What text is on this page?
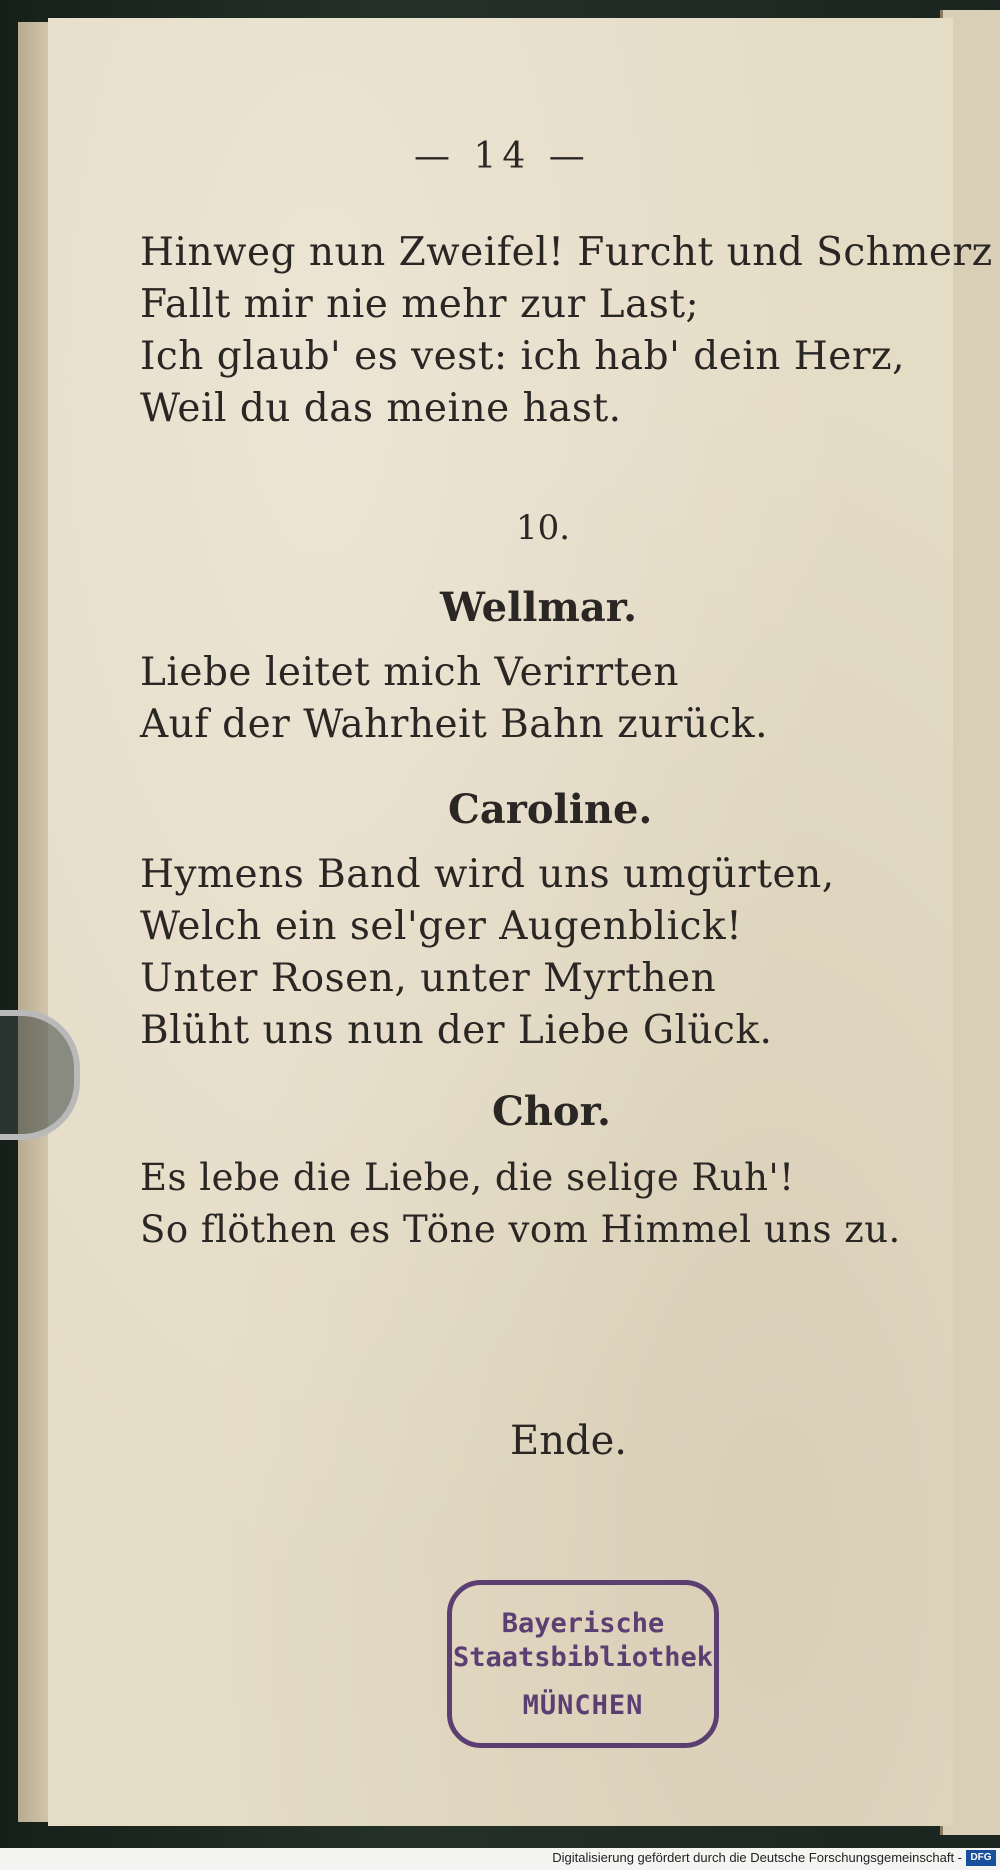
— 14 —
Hinweg nun Zweifel! Furcht und Schmerz
Fallt mir nie mehr zur Last;
Ich glaub' es vest: ich hab' dein Herz,
Weil du das meine hast.
10.
Wellmar.
Liebe leitet mich Verirrten
Auf der Wahrheit Bahn zurück.
Caroline.
Hymens Band wird uns umgürten,
Welch ein sel'ger Augenblick!
Unter Rosen, unter Myrthen
Blüht uns nun der Liebe Glück.
Chor.
Es lebe die Liebe, die selige Ruh'!
So flöthen es Töne vom Himmel uns zu.
Ende.
Bayerische
Staatsbibliothek
MÜNCHEN
Digitalisierung gefördert durch die Deutsche Forschungsgemeinschaft - DFG
